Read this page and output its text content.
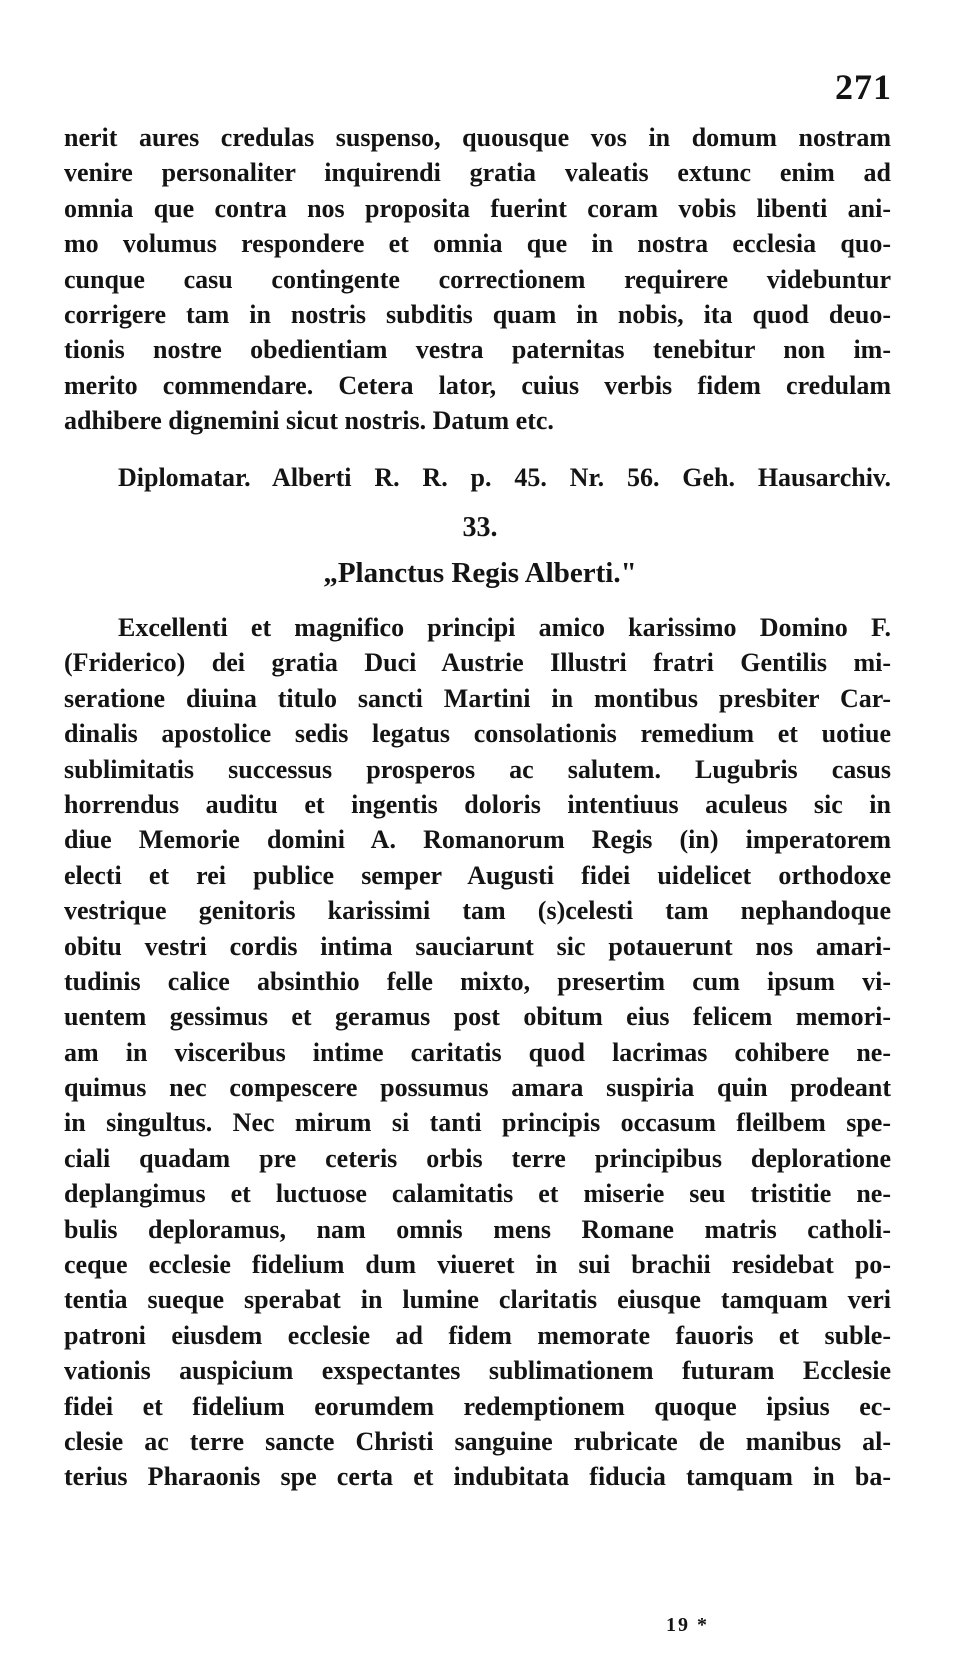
271
nerit aures credulas suspenso, quousque vos in domum nostram
venire personaliter inquirendi gratia valeatis extunc enim ad
omnia que contra nos proposita fuerint coram vobis libenti ani-
mo volumus respondere et omnia que in nostra ecclesia quo-
cunque casu contingente correctionem requirere videbuntur
corrigere tam in nostris subditis quam in nobis, ita quod deuo-
tionis nostre obedientiam vestra paternitas tenebitur non im-
merito commendare. Cetera lator, cuius verbis fidem credulam
adhibere dignemini sicut nostris. Datum etc.
Diplomatar. Alberti R. R. p. 45. Nr. 56. Geh. Hausarchiv.
33.
„Planctus Regis Alberti."
Excellenti et magnifico principi amico karissimo Domino F.
(Friderico) dei gratia Duci Austrie Illustri fratri Gentilis mi-
seratione diuina titulo sancti Martini in montibus presbiter Car-
dinalis apostolice sedis legatus consolationis remedium et uotiue
sublimitatis successus prosperos ac salutem. Lugubris casus
horrendus auditu et ingentis doloris intentiuus aculeus sic in
diue Memorie domini A. Romanorum Regis (in) imperatorem
electi et rei publice semper Augusti fidei uidelicet orthodoxe
vestrique genitoris karissimi tam (s)celesti tam nephandoque
obitu vestri cordis intima sauciarunt sic potauerunt nos amari-
tudinis calice absinthio felle mixto, presertim cum ipsum vi-
uentem gessimus et geramus post obitum eius felicem memori-
am in visceribus intime caritatis quod lacrimas cohibere ne-
quimus nec compescere possumus amara suspiria quin prodeant
in singultus. Nec mirum si tanti principis occasum fleilbem spe-
ciali quadam pre ceteris orbis terre principibus deploratione
deplangimus et luctuose calamitatis et miserie seu tristitie ne-
bulis deploramus, nam omnis mens Romane matris catholi-
ceque ecclesie fidelium dum viueret in sui brachii residebat po-
tentia sueque sperabat in lumine claritatis eiusque tamquam veri
patroni eiusdem ecclesie ad fidem memorate fauoris et suble-
vationis auspicium exspectantes sublimationem futuram Ecclesie
fidei et fidelium eorumdem redemptionem quoque ipsius ec-
clesie ac terre sancte Christi sanguine rubricate de manibus al-
terius Pharaonis spe certa et indubitata fiducia tamquam in ba-
19 *
